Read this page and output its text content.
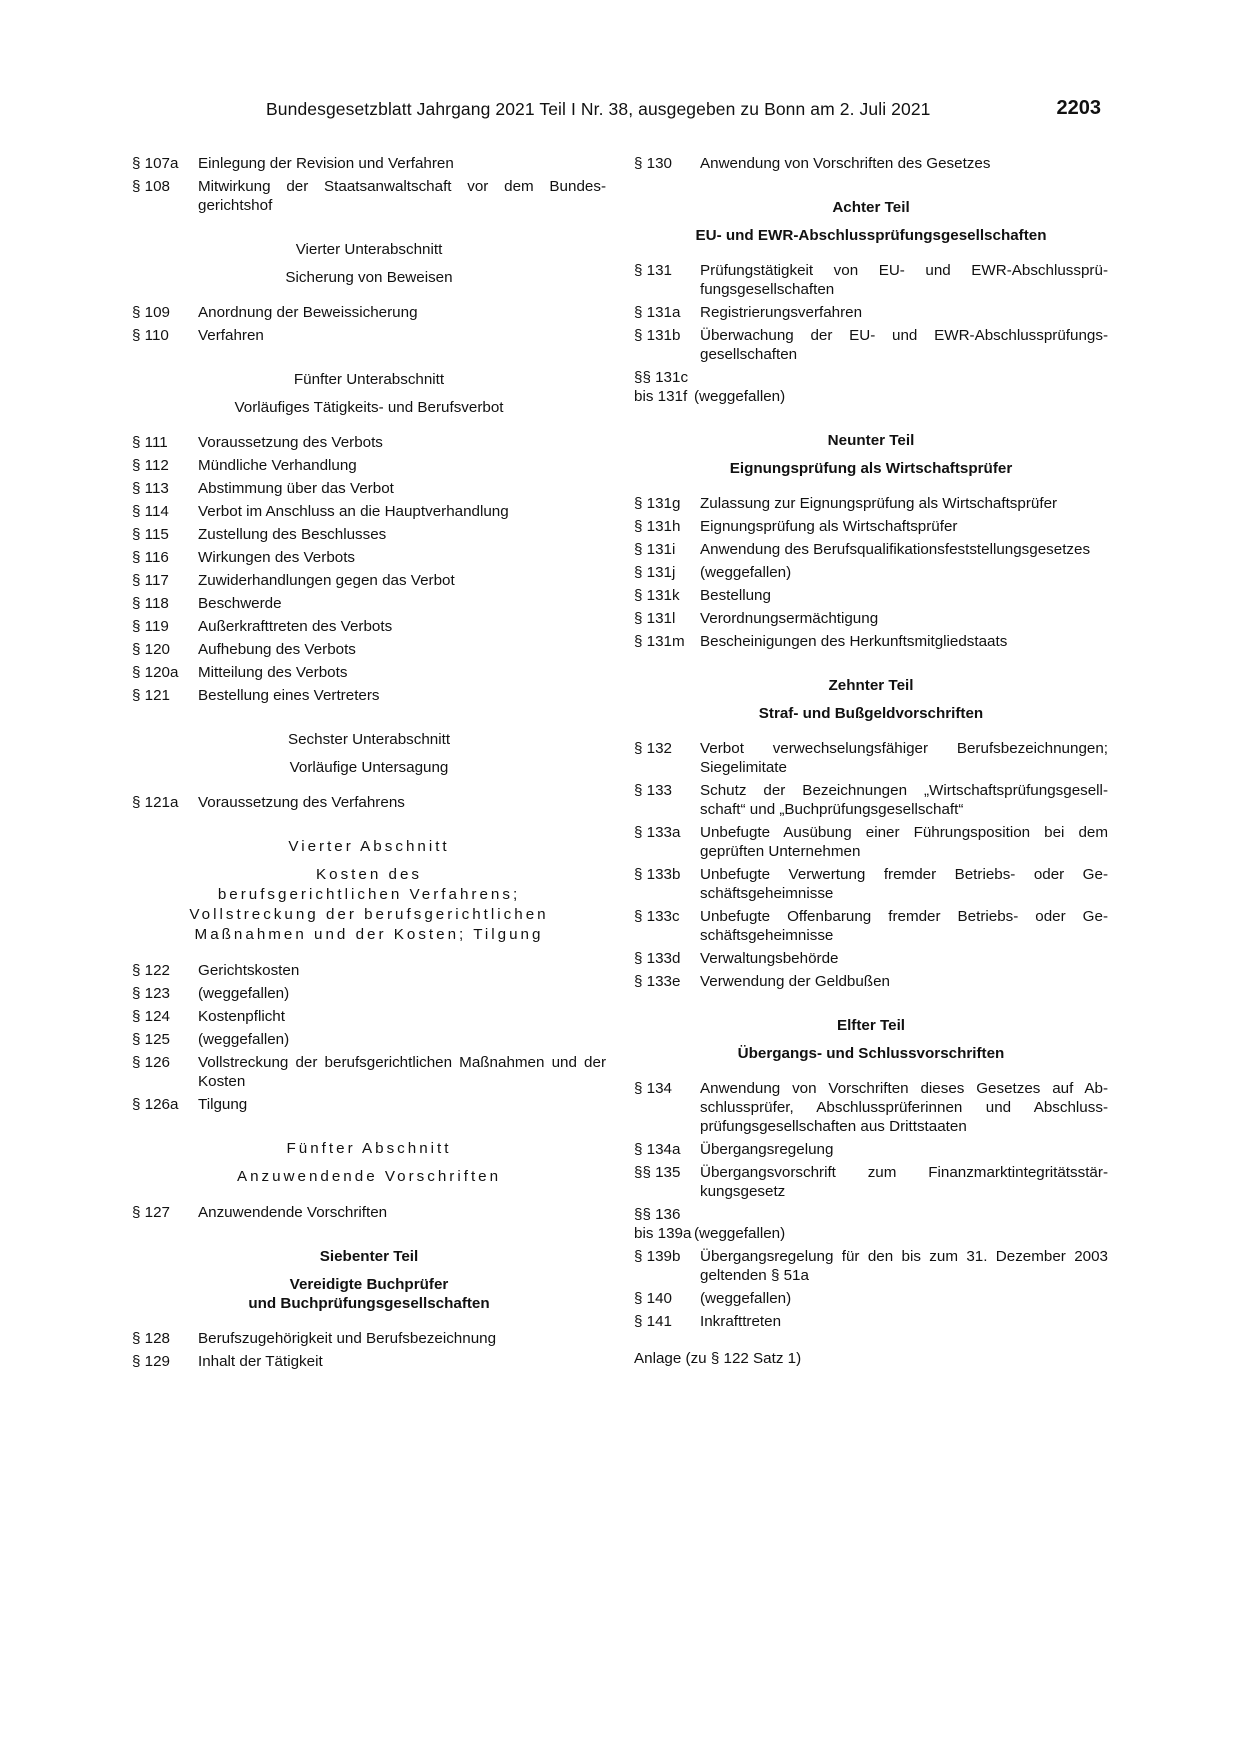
Bundesgesetzblatt Jahrgang 2021 Teil I Nr. 38, ausgegeben zu Bonn am 2. Juli 2021	2203
§ 107a	Einlegung der Revision und Verfahren
§ 108	Mitwirkung der Staatsanwaltschaft vor dem Bundesgerichtshof
Vierter Unterabschnitt
Sicherung von Beweisen
§ 109	Anordnung der Beweissicherung
§ 110	Verfahren
Fünfter Unterabschnitt
Vorläufiges Tätigkeits- und Berufsverbot
§ 111	Voraussetzung des Verbots
§ 112	Mündliche Verhandlung
§ 113	Abstimmung über das Verbot
§ 114	Verbot im Anschluss an die Hauptverhandlung
§ 115	Zustellung des Beschlusses
§ 116	Wirkungen des Verbots
§ 117	Zuwiderhandlungen gegen das Verbot
§ 118	Beschwerde
§ 119	Außerkrafttreten des Verbots
§ 120	Aufhebung des Verbots
§ 120a	Mitteilung des Verbots
§ 121	Bestellung eines Vertreters
Sechster Unterabschnitt
Vorläufige Untersagung
§ 121a	Voraussetzung des Verfahrens
Vierter Abschnitt
Kosten des
berufsgerichtlichen Verfahrens;
Vollstreckung der berufsgerichtlichen
Maßnahmen und der Kosten; Tilgung
§ 122	Gerichtskosten
§ 123	(weggefallen)
§ 124	Kostenpflicht
§ 125	(weggefallen)
§ 126	Vollstreckung der berufsgerichtlichen Maßnahmen und der Kosten
§ 126a	Tilgung
Fünfter Abschnitt
Anzuwendende Vorschriften
§ 127	Anzuwendende Vorschriften
Siebenter Teil
Vereidigte Buchprüfer
und Buchprüfungsgesellschaften
§ 128	Berufszugehörigkeit und Berufsbezeichnung
§ 129	Inhalt der Tätigkeit
§ 130	Anwendung von Vorschriften des Gesetzes
Achter Teil
EU- und EWR-Abschlussprüfungsgesellschaften
§ 131	Prüfungstätigkeit von EU- und EWR-Abschlussprüfungsgesellschaften
§ 131a	Registrierungsverfahren
§ 131b	Überwachung der EU- und EWR-Abschlussprüfungsgesellschaften
§§ 131c
bis 131f (weggefallen)
Neunter Teil
Eignungsprüfung als Wirtschaftsprüfer
§ 131g	Zulassung zur Eignungsprüfung als Wirtschaftsprüfer
§ 131h	Eignungsprüfung als Wirtschaftsprüfer
§ 131i	Anwendung des Berufsqualifikationsfeststellungsgesetzes
§ 131j	(weggefallen)
§ 131k	Bestellung
§ 131l	Verordnungsermächtigung
§ 131m	Bescheinigungen des Herkunftsmitgliedstaats
Zehnter Teil
Straf- und Bußgeldvorschriften
§ 132	Verbot verwechselungsfähiger Berufsbezeichnungen; Siegelimitate
§ 133	Schutz der Bezeichnungen „Wirtschaftsprüfungsgesellschaft“ und „Buchprüfungsgesellschaft“
§ 133a	Unbefugte Ausübung einer Führungsposition bei dem geprüften Unternehmen
§ 133b	Unbefugte Verwertung fremder Betriebs- oder Geschäftsgeheimnisse
§ 133c	Unbefugte Offenbarung fremder Betriebs- oder Geschäftsgeheimnisse
§ 133d	Verwaltungsbehörde
§ 133e	Verwendung der Geldbußen
Elfter Teil
Übergangs- und Schlussvorschriften
§ 134	Anwendung von Vorschriften dieses Gesetzes auf Abschlussprüfer, Abschlussprüferinnen und Abschlussprüfungsgesellschaften aus Drittstaaten
§ 134a	Übergangsregelung
§§ 135	Übergangsvorschrift zum Finanzmarktintegritätsstärkungsgesetz
§§ 136
bis 139a (weggefallen)
§ 139b	Übergangsregelung für den bis zum 31. Dezember 2003 geltenden § 51a
§ 140	(weggefallen)
§ 141	Inkrafttreten
Anlage (zu § 122 Satz 1)
